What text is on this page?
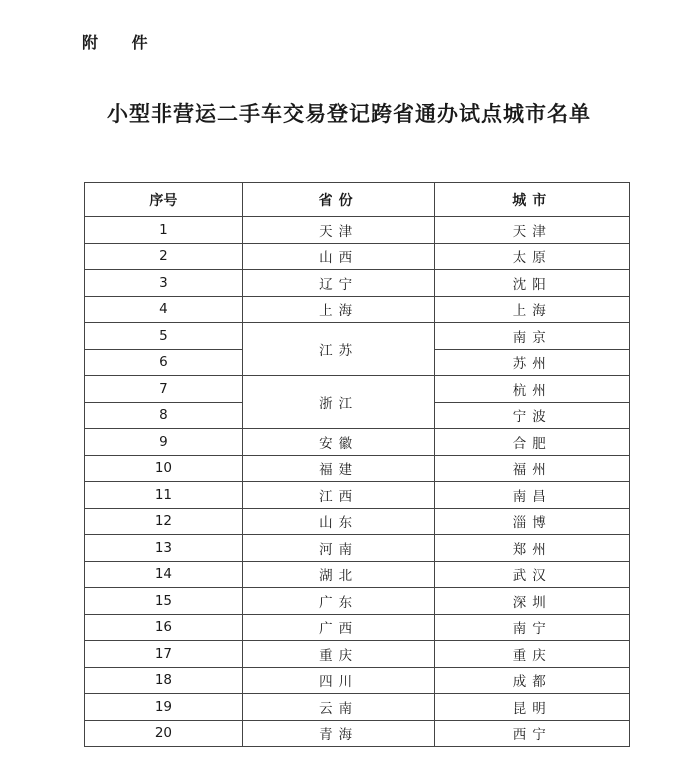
附 件
小型非营运二手车交易登记跨省通办试点城市名单
序号	省份	城市
1	天津	天津
2	山西	太原
3	辽宁	沈阳
4	上海	上海
5	江苏	南京
6		苏州
7	浙江	杭州
8		宁波
9	安徽	合肥
10	福建	福州
11	江西	南昌
12	山东	淄博
13	河南	郑州
14	湖北	武汉
15	广东	深圳
16	广西	南宁
17	重庆	重庆
18	四川	成都
19	云南	昆明
20	青海	西宁
